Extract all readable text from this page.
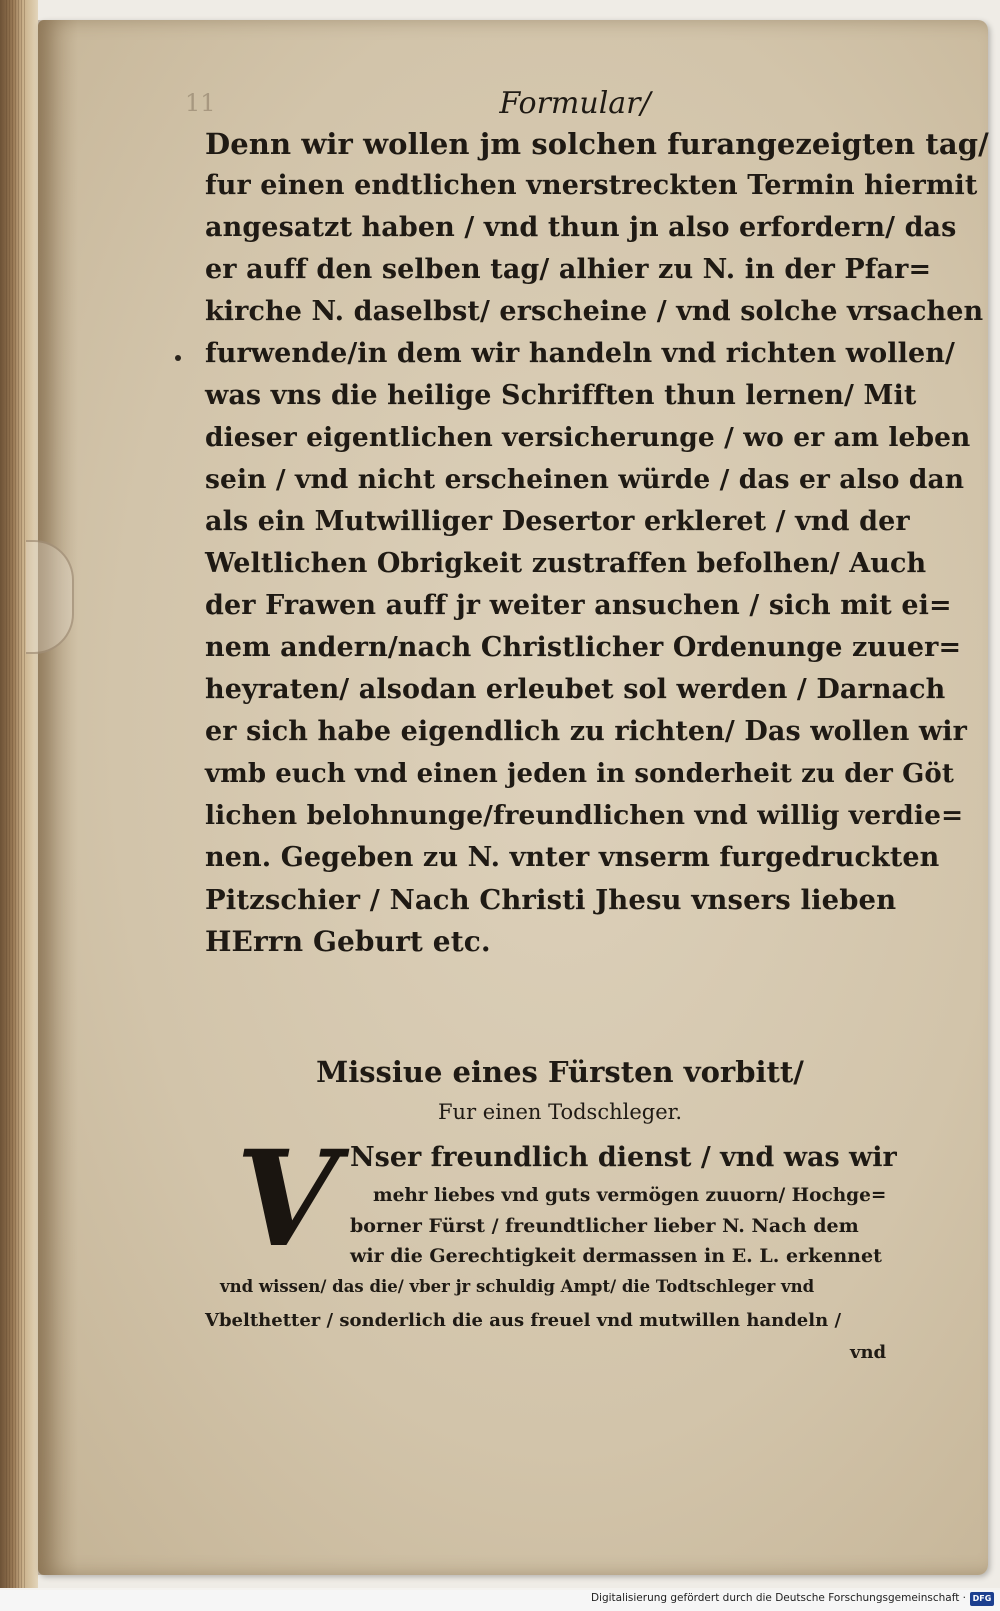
11	Formular/
Denn wir wollen jm solchen furangezeigten tag/
fur einen endtlichen vnerstreckten Termin hiermit
angesatzt haben / vnd thun jn also erfordern/ das
er auff den selben tag/ alhier zu N. in der Pfar=
kirche N. daselbst/ erscheine / vnd solche vrsachen
furwende/in dem wir handeln vnd richten wollen/
was vns die heilige Schrifften thun lernen/ Mit
dieser eigentlichen versicherunge / wo er am leben
sein / vnd nicht erscheinen würde / das er also dan
als ein Mutwilliger Desertor erkleret / vnd der
Weltlichen Obrigkeit zustraffen befolhen/ Auch
der Frawen auff jr weiter ansuchen / sich mit ei=
nem andern/nach Christlicher Ordenunge zuuer=
heyraten/ alsodan erleubet sol werden / Darnach
er sich habe eigendlich zu richten/ Das wollen wir
vmb euch vnd einen jeden in sonderheit zu der Göt
lichen belohnunge/freundlichen vnd willig verdie=
nen. Gegeben zu N. vnter vnserm furgedruckten
Pitzschier / Nach Christi Jhesu vnsers lieben
HErrn Geburt etc.
Missiue eines Fürsten vorbitt/
Fur einen Todschleger.
V Nser freundlich dienst / vnd was wir
mehr liebes vnd guts vermögen zuuorn/ Hochge=
borner Fürst / freundtlicher lieber N. Nach dem
wir die Gerechtigkeit dermassen in E. L. erkennet
vnd wissen/ das die/ vber jr schuldig Ampt/ die Todtschleger vnd
Vbelthetter / sonderlich die aus freuel vnd mutwillen handeln /
vnd
Digitalisierung gefördert durch die Deutsche Forschungsgemeinschaft · DFG
